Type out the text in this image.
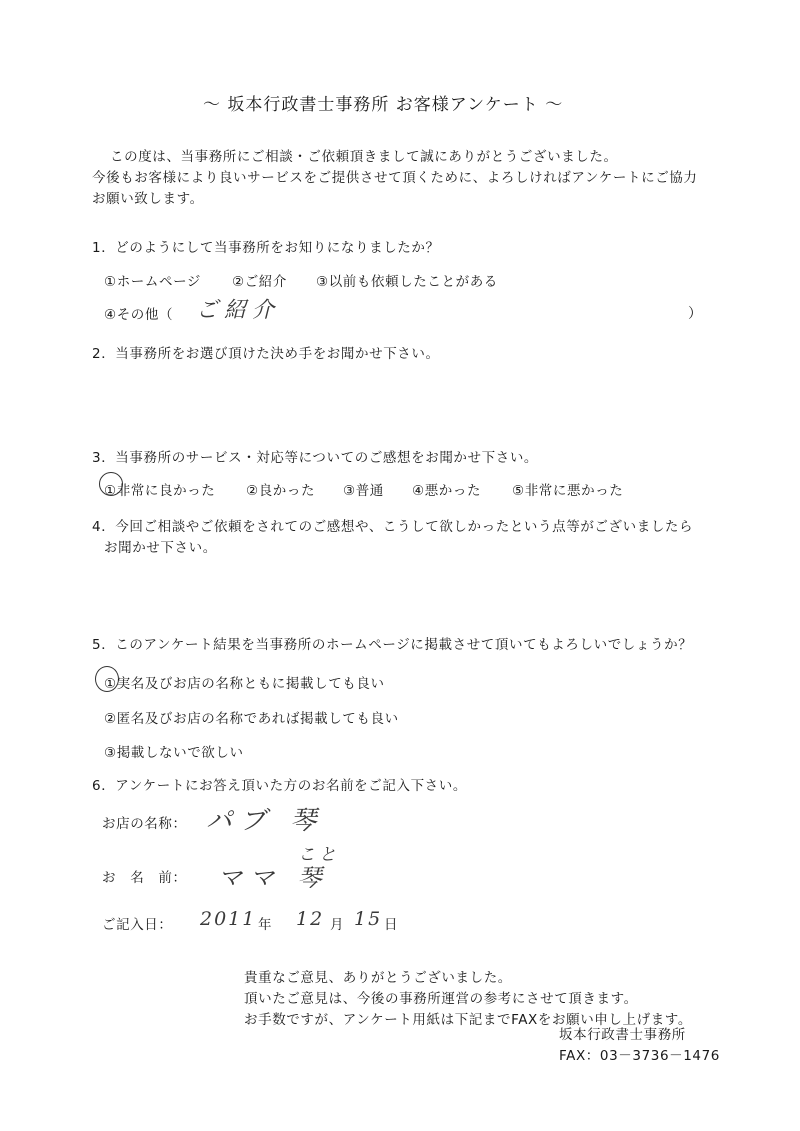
～ 坂本行政書士事務所 お客様アンケート ～
この度は、当事務所にご相談・ご依頼頂きまして誠にありがとうございました。
今後もお客様により良いサービスをご提供させて頂くために、よろしければアンケートにご協力
お願い致します。
1．どのようにして当事務所をお知りになりましたか？
①ホームページ ②ご紹介 ③以前も依頼したことがある
④その他（ ご紹介	）
2．当事務所をお選び頂けた決め手をお聞かせ下さい。
3．当事務所のサービス・対応等についてのご感想をお聞かせ下さい。
①非常に良かった ②良かった ③普通 ④悪かった ⑤非常に悪かった
4．今回ご相談やご依頼をされてのご感想や、こうして欲しかったという点等がございましたら
お聞かせ下さい。
5．このアンケート結果を当事務所のホームページに掲載させて頂いてもよろしいでしょうか？
①実名及びお店の名称ともに掲載しても良い
②匿名及びお店の名称であれば掲載しても良い
③掲載しないで欲しい
6．アンケートにお答え頂いた方のお名前をご記入下さい。
お店の名称： パブ 琴
こと
お　名　前： ママ 琴
ご記入日： 2011 年 12 月 15 日
貴重なご意見、ありがとうございました。
頂いたご意見は、今後の事務所運営の参考にさせて頂きます。
お手数ですが、アンケート用紙は下記までFAXをお願い申し上げます。
坂本行政書士事務所
FAX：03－3736－1476
